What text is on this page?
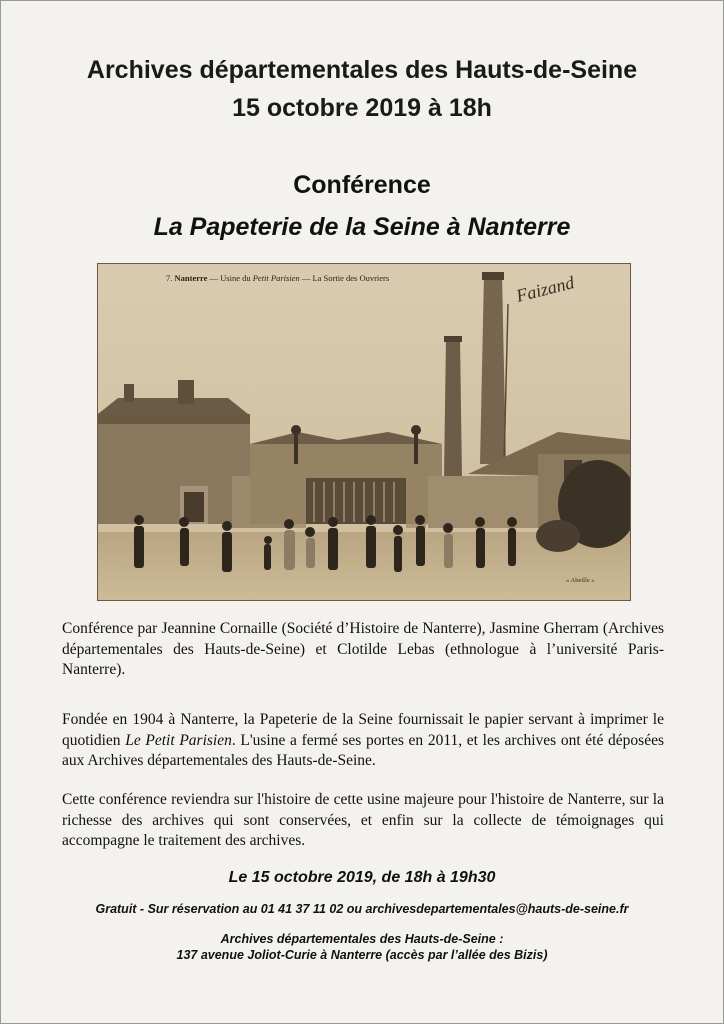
Archives départementales des Hauts-de-Seine
15 octobre 2019 à 18h
Conférence
La Papeterie de la Seine à Nanterre
7. Nanterre — Usine du Petit Parisien — La Sortie des Ouvriers	Faizand
« Abeille »
Conférence par Jeannine Cornaille (Société d’Histoire de Nanterre), Jasmine Gherram (Archives départementales des Hauts-de-Seine) et Clotilde Lebas (ethnologue à l’université Paris-Nanterre).
Fondée en 1904 à Nanterre, la Papeterie de la Seine fournissait le papier servant à imprimer le quotidien Le Petit Parisien. L'usine a fermé ses portes en 2011, et les archives ont été déposées aux Archives départementales des Hauts-de-Seine.
Cette conférence reviendra sur l'histoire de cette usine majeure pour l'histoire de Nanterre, sur la richesse des archives qui sont conservées, et enfin sur la collecte de témoignages qui accompagne le traitement des archives.
Le 15 octobre 2019, de 18h à 19h30
Gratuit - Sur réservation au 01 41 37 11 02 ou archivesdepartementales@hauts-de-seine.fr
Archives départementales des Hauts-de-Seine :
137 avenue Joliot-Curie à Nanterre (accès par l’allée des Bizis)
